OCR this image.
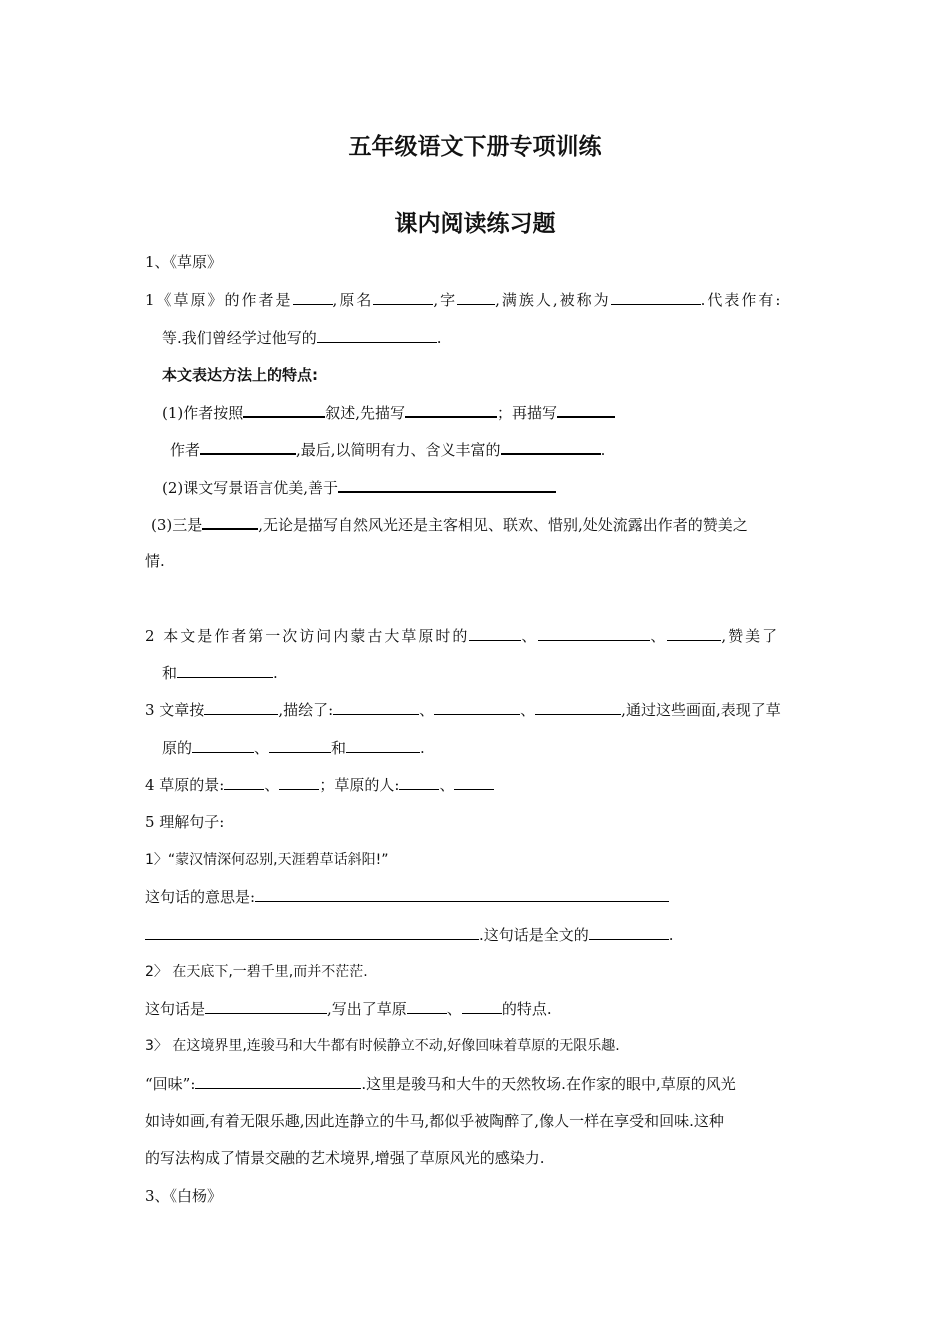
五年级语文下册专项训练
课内阅读练习题
1、《草原》
1《草原》的作者是	,原名	,字	,满族人,被称为	.代表作有:
等.我们曾经学过他写的	.
本文表达方法上的特点:
(1)作者按照	叙述,先描写	；再描写
作者	,最后,以简明有力、含义丰富的	.
(2)课文写景语言优美,善于
(3)三是	,无论是描写自然风光还是主客相见、联欢、惜别,处处流露出作者的赞美之
情.
2 本文是作者第一次访问内蒙古大草原时的	、	、	,赞美了
和	.
3 文章按	,描绘了:	、	、	,通过这些画面,表现了草
原的	、	和	.
4 草原的景:	、	；草原的人:	、
5 理解句子:
1〉“蒙汉情深何忍别,天涯碧草话斜阳!”
这句话的意思是:
.这句话是全文的	.
2〉 在天底下,一碧千里,而并不茫茫.
这句话是	,写出了草原	、	的特点.
3〉 在这境界里,连骏马和大牛都有时候静立不动,好像回味着草原的无限乐趣.
“回味”:	.这里是骏马和大牛的天然牧场.在作家的眼中,草原的风光
如诗如画,有着无限乐趣,因此连静立的牛马,都似乎被陶醉了,像人一样在享受和回味.这种
的写法构成了情景交融的艺术境界,增强了草原风光的感染力.
3、《白杨》
